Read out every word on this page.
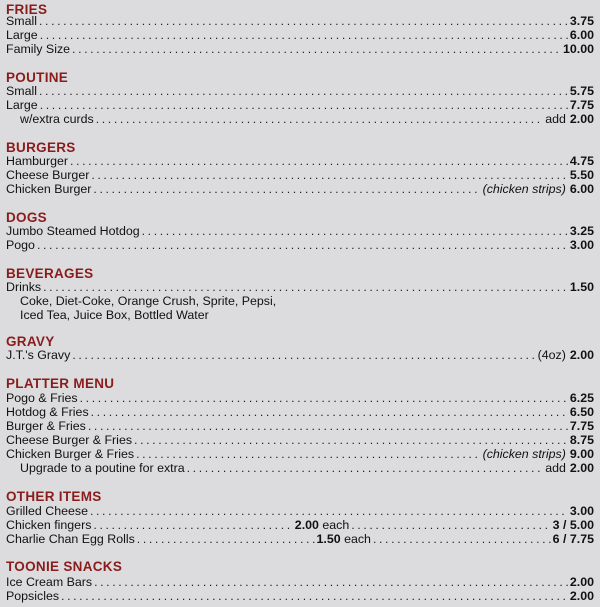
FRIES
Small .....	3.75
Large .....	6.00
Family Size .....	10.00
POUTINE
Small .....	5.75
Large .....	7.75
w/extra curds .....	add 2.00
BURGERS
Hamburger .....	4.75
Cheese Burger .....	5.50
Chicken Burger .....	(chicken strips) 6.00
DOGS
Jumbo Steamed Hotdog .....	3.25
Pogo .....	3.00
BEVERAGES
Drinks .....	1.50
Coke, Diet-Coke, Orange Crush, Sprite, Pepsi,
Iced Tea, Juice Box, Bottled Water
GRAVY
J.T.'s Gravy .....	(4oz) 2.00
PLATTER MENU
Pogo & Fries .....	6.25
Hotdog & Fries .....	6.50
Burger & Fries .....	7.75
Cheese Burger & Fries .....	8.75
Chicken Burger & Fries .....	(chicken strips) 9.00
Upgrade to a poutine for extra .....	add 2.00
OTHER ITEMS
Grilled Cheese .....	3.00
Chicken fingers .....	2.00 each .....	3 / 5.00
Charlie Chan Egg Rolls .....	1.50 each .....	6 / 7.75
TOONIE SNACKS
Ice Cream Bars .....	2.00
Popsicles .....	2.00
